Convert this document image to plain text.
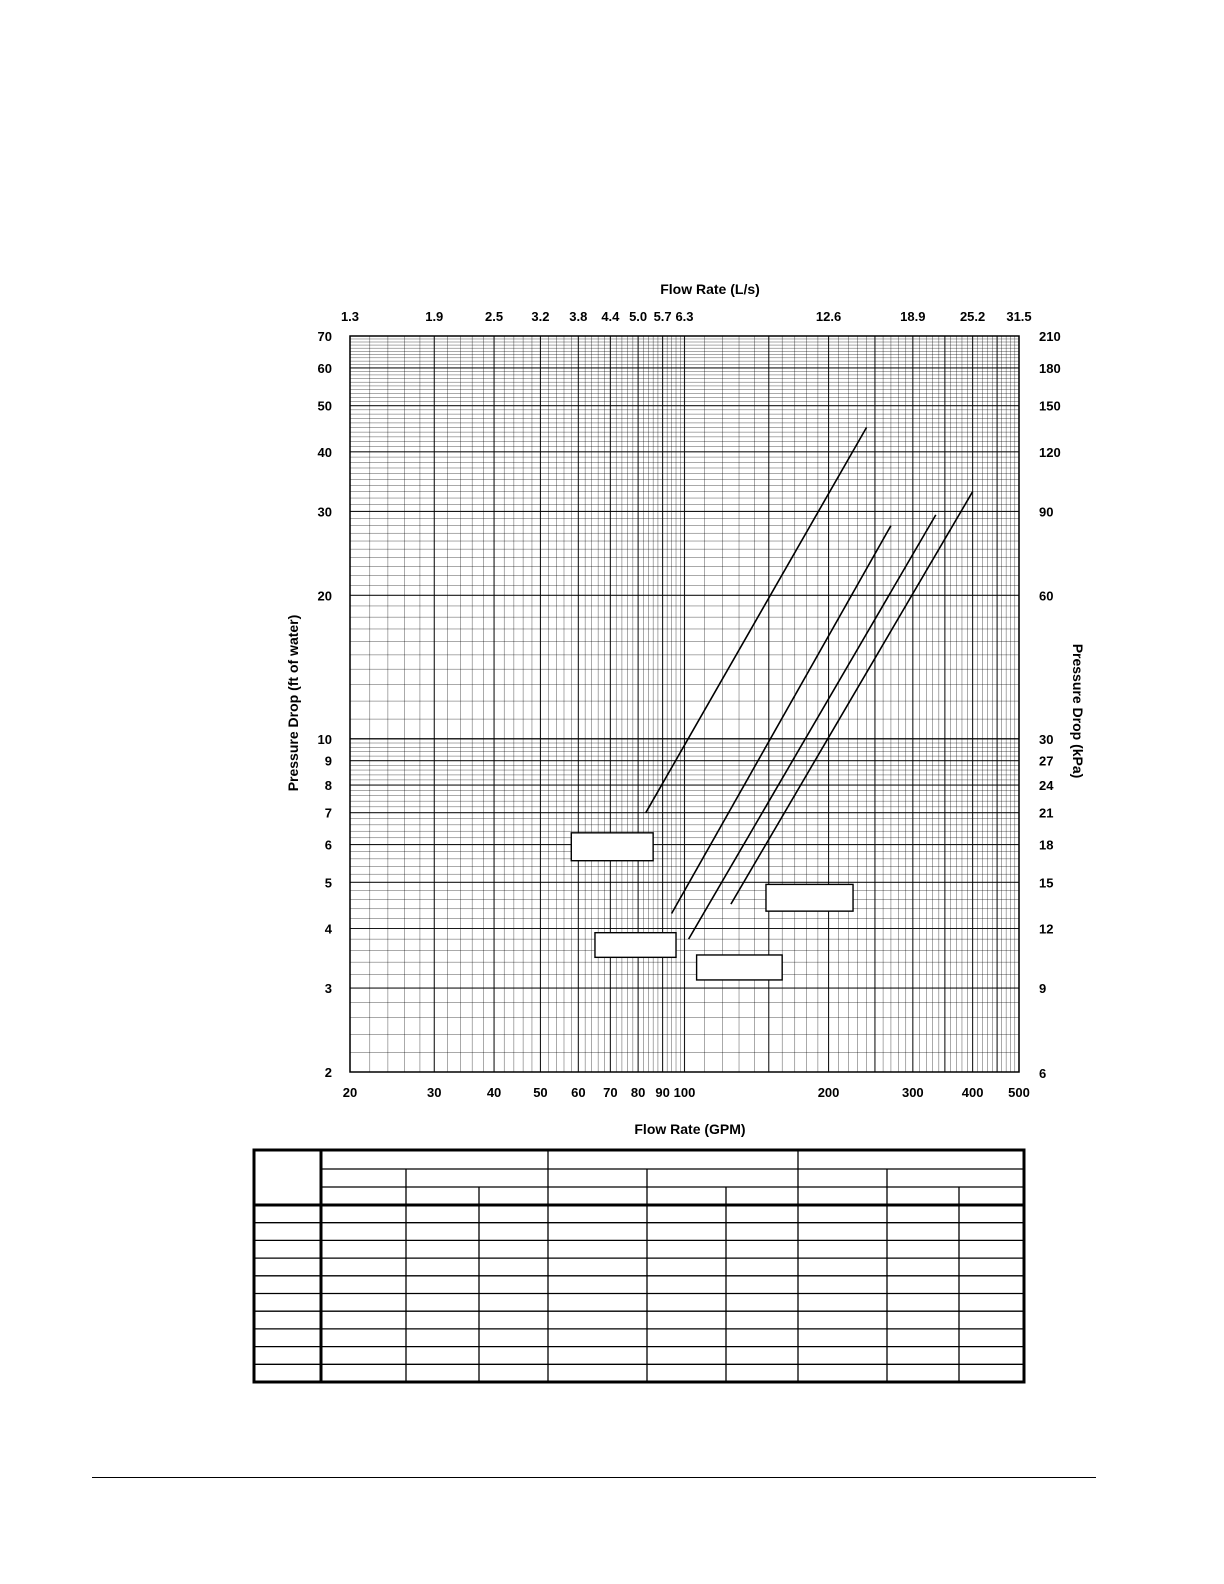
20	30	40 50 60 70 80 90 100	200	300	400 500
1.3	1.9	2.5 3.2 3.8 4.4 5.0 5.7 6.3	12.6	18.9	25.2 31.5
2
3
4
5
6
7
8
9
10
20
30
40
50
60
70
6
9
12
15
18
21
24
27
30
60
90
120
150
180
210
Flow Rate (L/s)
Flow Rate (GPM)
Pressure Drop (ft of water)	Pressure Drop (kPa)
